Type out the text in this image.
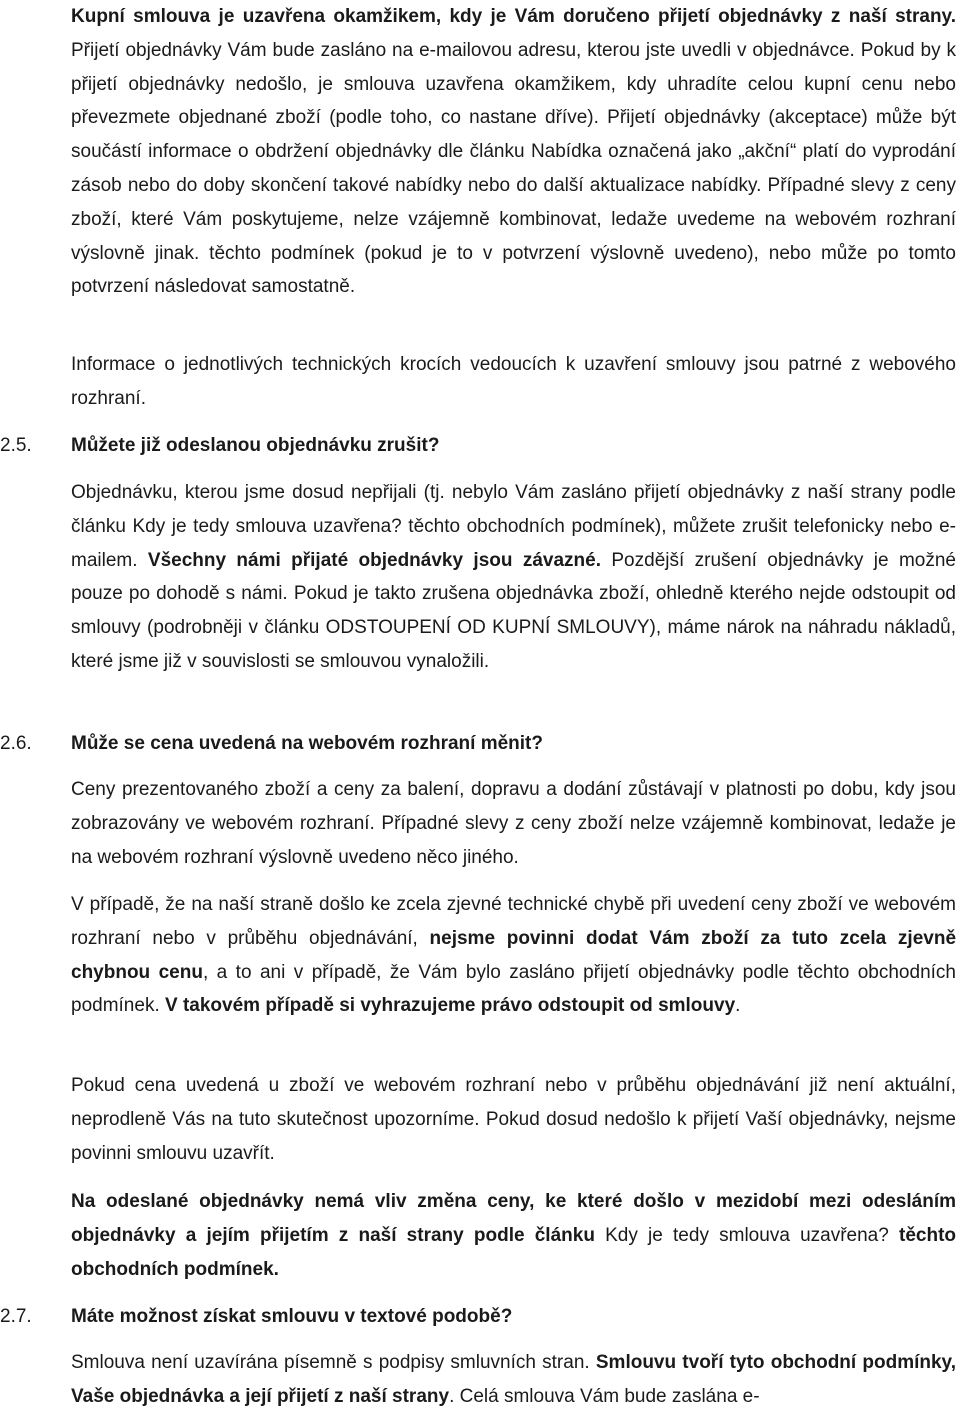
Kupní smlouva je uzavřena okamžikem, kdy je Vám doručeno přijetí objednávky z naší strany. Přijetí objednávky Vám bude zasláno na e-mailovou adresu, kterou jste uvedli v objednávce. Pokud by k přijetí objednávky nedošlo, je smlouva uzavřena okamžikem, kdy uhradíte celou kupní cenu nebo převezmete objednané zboží (podle toho, co nastane dříve). Přijetí objednávky (akceptace) může být součástí informace o obdržení objednávky dle článku Nabídka označená jako „akční“ platí do vyprodání zásob nebo do doby skončení takové nabídky nebo do další aktualizace nabídky. Případné slevy z ceny zboží, které Vám poskytujeme, nelze vzájemně kombinovat, ledaže uvedeme na webovém rozhraní výslovně jinak. těchto podmínek (pokud je to v potvrzení výslovně uvedeno), nebo může po tomto potvrzení následovat samostatně.

Informace o jednotlivých technických krocích vedoucích k uzavření smlouvy jsou patrné z webového rozhraní.

2.5. Můžete již odeslanou objednávku zrušit?

Objednávku, kterou jsme dosud nepřijali (tj. nebylo Vám zasláno přijetí objednávky z naší strany podle článku Kdy je tedy smlouva uzavřena? těchto obchodních podmínek), můžete zrušit telefonicky nebo e-mailem. Všechny námi přijaté objednávky jsou závazné. Pozdější zrušení objednávky je možné pouze po dohodě s námi. Pokud je takto zrušena objednávka zboží, ohledně kterého nejde odstoupit od smlouvy (podrobněji v článku ODSTOUPENÍ OD KUPNÍ SMLOUVY), máme nárok na náhradu nákladů, které jsme již v souvislosti se smlouvou vynaložili.

2.6. Může se cena uvedená na webovém rozhraní měnit?

Ceny prezentovaného zboží a ceny za balení, dopravu a dodání zůstávají v platnosti po dobu, kdy jsou zobrazovány ve webovém rozhraní. Případné slevy z ceny zboží nelze vzájemně kombinovat, ledaže je na webovém rozhraní výslovně uvedeno něco jiného.

V případě, že na naší straně došlo ke zcela zjevné technické chybě při uvedení ceny zboží ve webovém rozhraní nebo v průběhu objednávání, nejsme povinni dodat Vám zboží za tuto zcela zjevně chybnou cenu, a to ani v případě, že Vám bylo zasláno přijetí objednávky podle těchto obchodních podmínek. V takovém případě si vyhrazujeme právo odstoupit od smlouvy.

Pokud cena uvedená u zboží ve webovém rozhraní nebo v průběhu objednávání již není aktuální, neprodleně Vás na tuto skutečnost upozorníme. Pokud dosud nedošlo k přijetí Vaší objednávky, nejsme povinni smlouvu uzavřít.

Na odeslané objednávky nemá vliv změna ceny, ke které došlo v mezidobí mezi odesláním objednávky a jejím přijetím z naší strany podle článku Kdy je tedy smlouva uzavřena? těchto obchodních podmínek.

2.7. Máte možnost získat smlouvu v textové podobě?

Smlouva není uzavírána písemně s podpisy smluvních stran. Smlouvu tvoří tyto obchodní podmínky, Vaše objednávka a její přijetí z naší strany. Celá smlouva Vám bude zaslána e-
